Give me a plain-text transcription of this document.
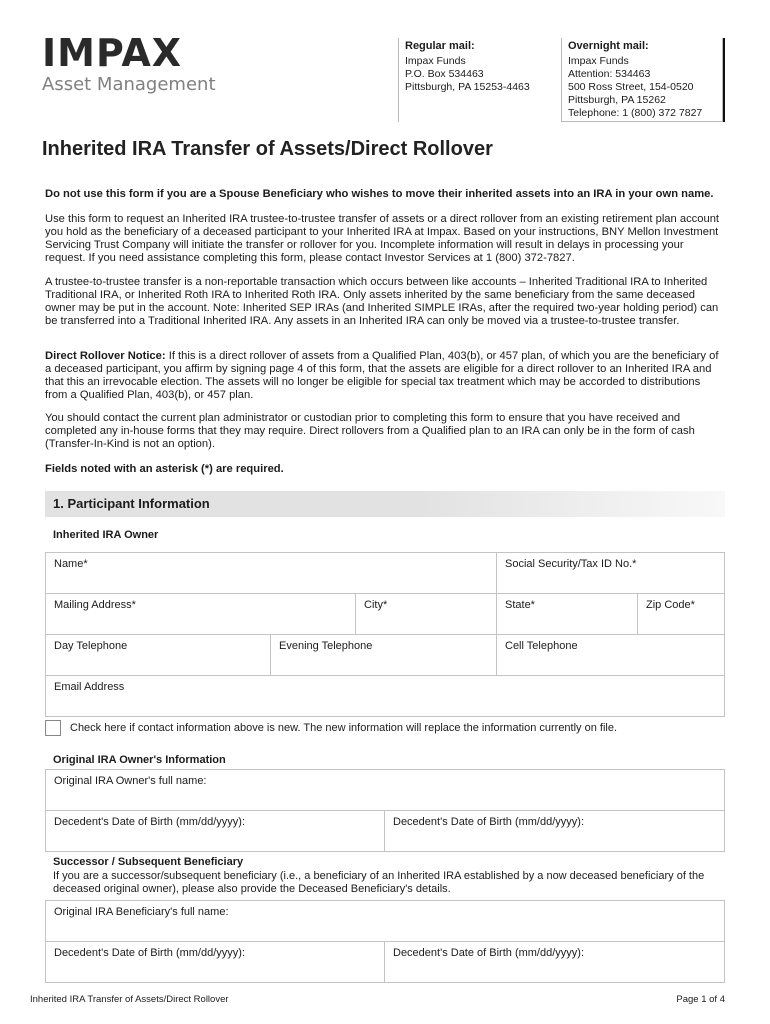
IMPAX
Asset Management
Regular mail:
Impax Funds
P.O. Box 534463
Pittsburgh, PA 15253-4463
Overnight mail:
Impax Funds
Attention: 534463
500 Ross Street, 154-0520
Pittsburgh, PA 15262
Telephone: 1 (800) 372 7827
Inherited IRA Transfer of Assets/Direct Rollover
Do not use this form if you are a Spouse Beneficiary who wishes to move their inherited assets into an IRA in your own name.
Use this form to request an Inherited IRA trustee-to-trustee transfer of assets or a direct rollover from an existing retirement plan account you hold as the beneficiary of a deceased participant to your Inherited IRA at Impax. Based on your instructions, BNY Mellon Investment Servicing Trust Company will initiate the transfer or rollover for you. Incomplete information will result in delays in processing your request. If you need assistance completing this form, please contact Investor Services at 1 (800) 372-7827.
A trustee-to-trustee transfer is a non-reportable transaction which occurs between like accounts – Inherited Traditional IRA to Inherited Traditional IRA, or Inherited Roth IRA to Inherited Roth IRA. Only assets inherited by the same beneficiary from the same deceased owner may be put in the account. Note: Inherited SEP IRAs (and Inherited SIMPLE IRAs, after the required two-year holding period) can be transferred into a Traditional Inherited IRA. Any assets in an Inherited IRA can only be moved via a trustee-to-trustee transfer.
Direct Rollover Notice: If this is a direct rollover of assets from a Qualified Plan, 403(b), or 457 plan, of which you are the beneficiary of a deceased participant, you affirm by signing page 4 of this form, that the assets are eligible for a direct rollover to an Inherited IRA and that this an irrevocable election. The assets will no longer be eligible for special tax treatment which may be accorded to distributions from a Qualified Plan, 403(b), or 457 plan.
You should contact the current plan administrator or custodian prior to completing this form to ensure that you have received and completed any in-house forms that they may require. Direct rollovers from a Qualified plan to an IRA can only be in the form of cash (Transfer-In-Kind is not an option).
Fields noted with an asterisk (*) are required.
1. Participant Information
Inherited IRA Owner
Name*	Social Security/Tax ID No.*
Mailing Address*	City*	State*	Zip Code*
Day Telephone	Evening Telephone	Cell Telephone
Email Address
Check here if contact information above is new. The new information will replace the information currently on file.
Original IRA Owner's Information
Original IRA Owner's full name:
Decedent's Date of Birth (mm/dd/yyyy):	Decedent's Date of Birth (mm/dd/yyyy):
Successor / Subsequent Beneficiary
If you are a successor/subsequent beneficiary (i.e., a beneficiary of an Inherited IRA established by a now deceased beneficiary of the deceased original owner), please also provide the Deceased Beneficiary's details.
Original IRA Beneficiary's full name:
Decedent's Date of Birth (mm/dd/yyyy):	Decedent's Date of Birth (mm/dd/yyyy):
Inherited IRA Transfer of Assets/Direct Rollover	Page 1 of 4
